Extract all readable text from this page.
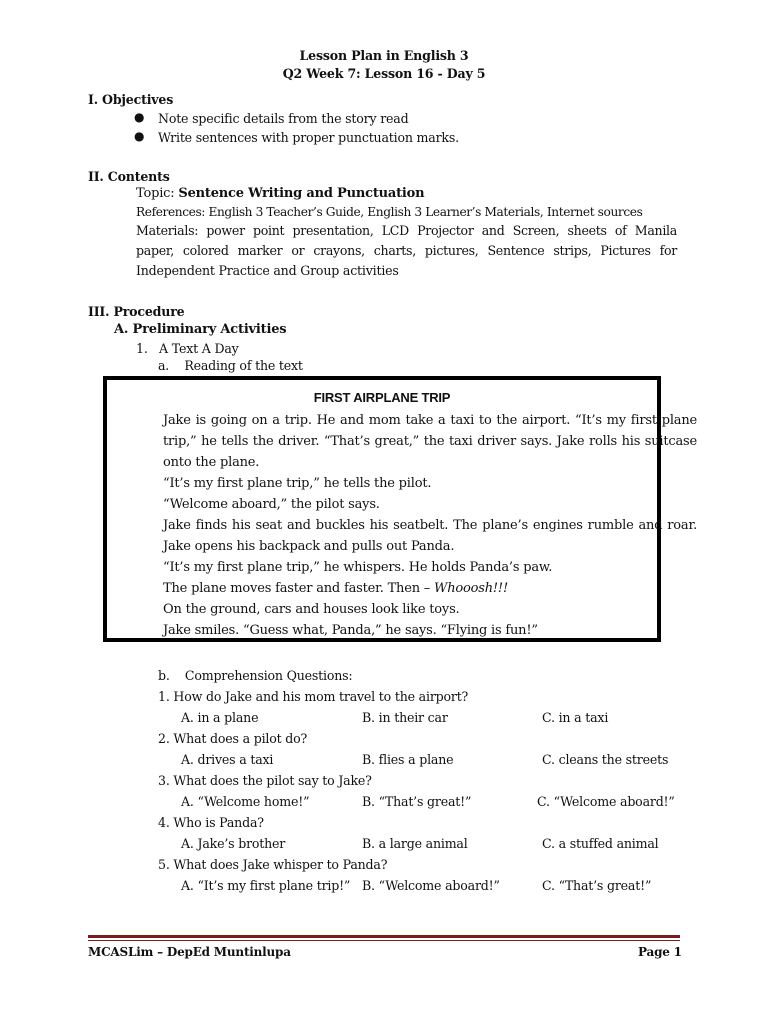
Lesson Plan in English 3
Q2 Week 7: Lesson 16 - Day 5
I. Objectives
● Note specific details from the story read
● Write sentences with proper punctuation marks.
II. Contents
Topic: Sentence Writing and Punctuation
References: English 3 Teacher’s Guide, English 3 Learner’s Materials, Internet sources
Materials: power point presentation, LCD Projector and Screen, sheets of Manila
paper, colored marker or crayons, charts, pictures, Sentence strips, Pictures for
Independent Practice and Group activities
III. Procedure
A. Preliminary Activities
1.   A Text A Day
a.    Reading of the text
FIRST AIRPLANE TRIP
Jake is going on a trip. He and mom take a taxi to the airport. “It’s my first plane trip,” he tells the driver. “That’s great,” the taxi driver says. Jake rolls his suitcase onto the plane.
“It’s my first plane trip,” he tells the pilot.
“Welcome aboard,” the pilot says.
Jake finds his seat and buckles his seatbelt. The plane’s engines rumble and roar. Jake opens his backpack and pulls out Panda.
“It’s my first plane trip,” he whispers. He holds Panda’s paw.
The plane moves faster and faster. Then – Whooosh!!!
On the ground, cars and houses look like toys.
Jake smiles. “Guess what, Panda,” he says. “Flying is fun!”
b.    Comprehension Questions:
1. How do Jake and his mom travel to the airport?
A. in a plane	B. in their car	C. in a taxi
2. What does a pilot do?
A. drives a taxi	B. flies a plane	C. cleans the streets
3. What does the pilot say to Jake?
A. “Welcome home!”	B. “That’s great!”	C. “Welcome aboard!”
4. Who is Panda?
A. Jake’s brother	B. a large animal	C. a stuffed animal
5. What does Jake whisper to Panda?
A. “It’s my first plane trip!” B. “Welcome aboard!”	C. “That’s great!”
MCASLim – DepEd Muntinlupa	Page 1
